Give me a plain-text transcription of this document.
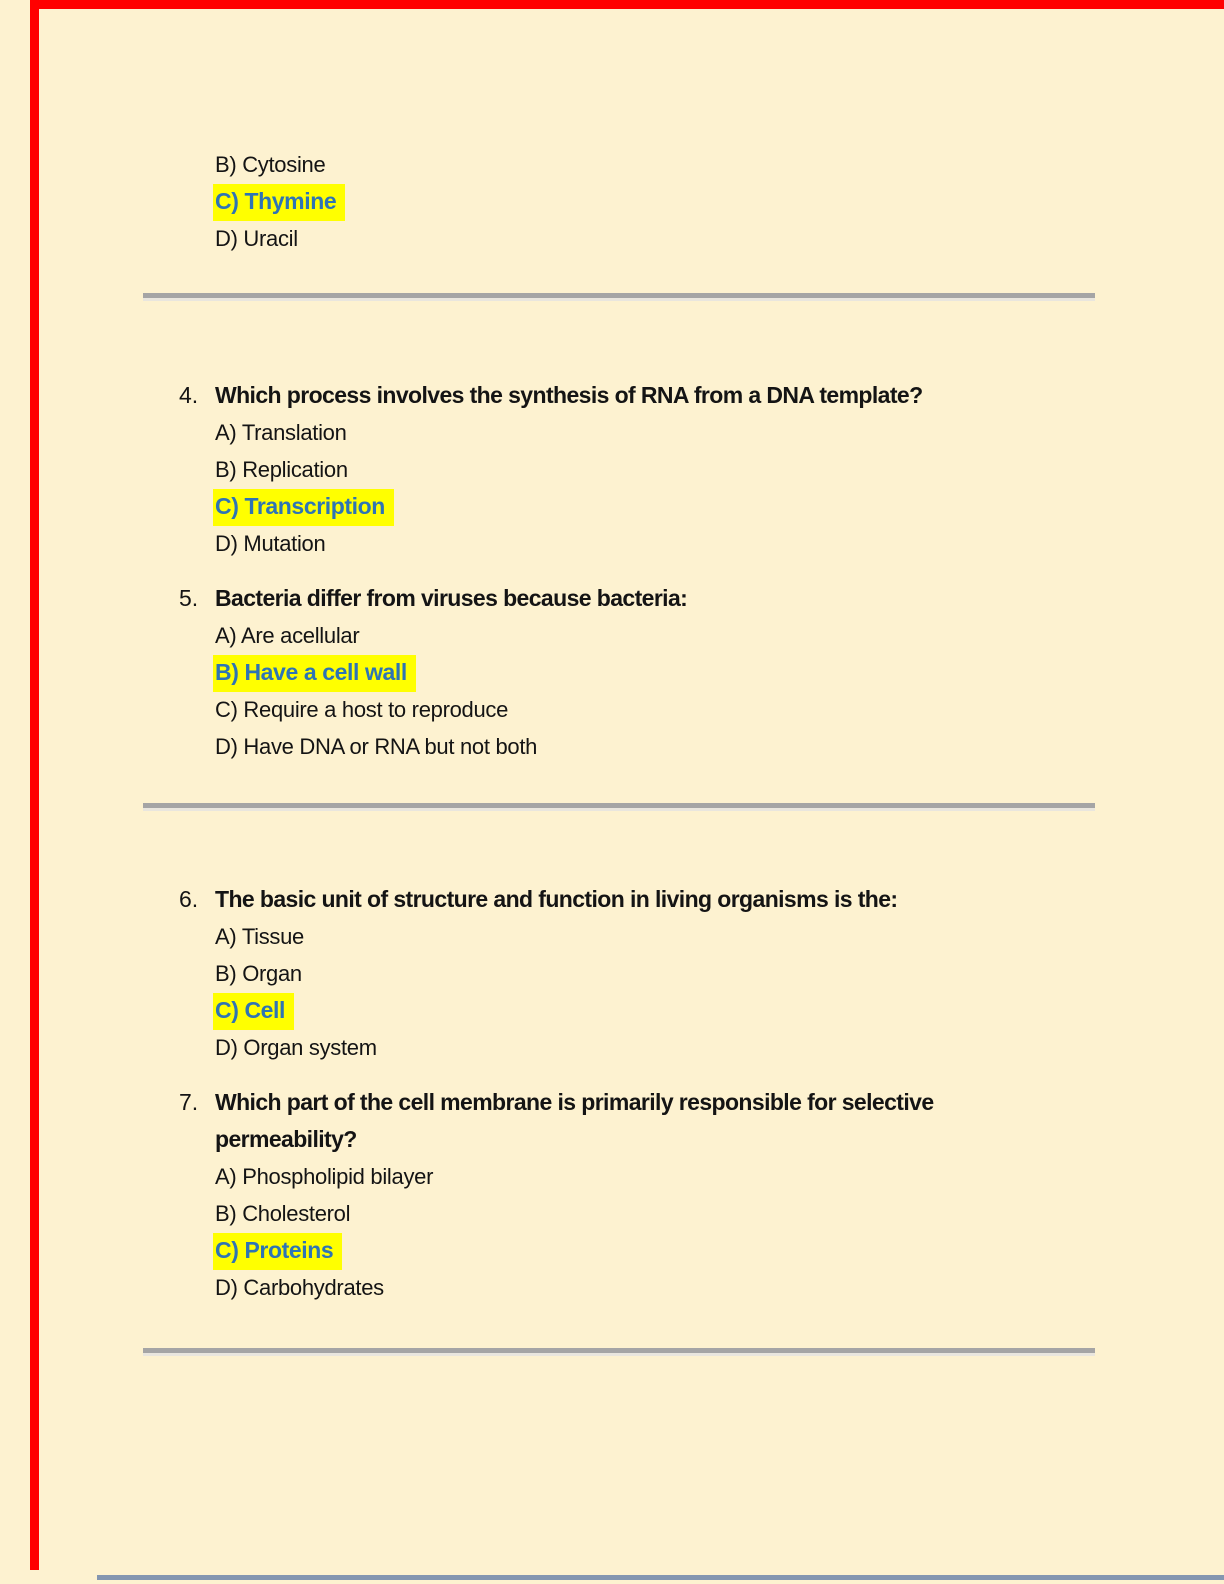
B) Cytosine
C) Thymine
D) Uracil
4. Which process involves the synthesis of RNA from a DNA template?
A) Translation
B) Replication
C) Transcription
D) Mutation
5. Bacteria differ from viruses because bacteria:
A) Are acellular
B) Have a cell wall
C) Require a host to reproduce
D) Have DNA or RNA but not both
6. The basic unit of structure and function in living organisms is the:
A) Tissue
B) Organ
C) Cell
D) Organ system
7. Which part of the cell membrane is primarily responsible for selective
permeability?
A) Phospholipid bilayer
B) Cholesterol
C) Proteins
D) Carbohydrates
